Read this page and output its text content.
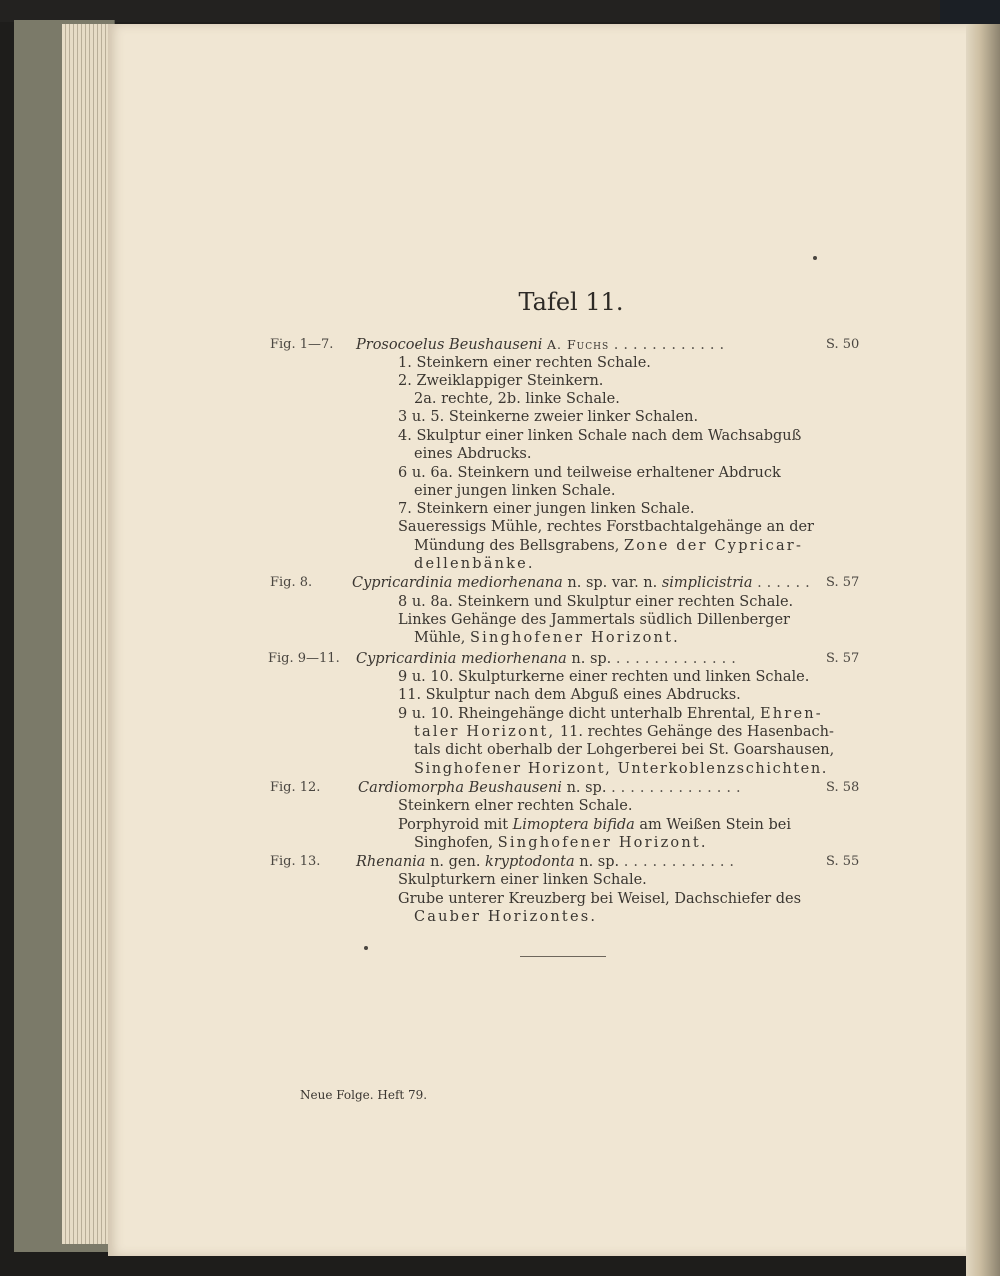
Tafel 11.
Fig. 1—7. Prosocoelus Beushauseni A. Fuchs ............	S. 50
1. Steinkern einer rechten Schale.
2. Zweiklappiger Steinkern.
2a. rechte, 2b. linke Schale.
3 u. 5. Steinkerne zweier linker Schalen.
4. Skulptur einer linken Schale nach dem Wachsabguß
eines Abdrucks.
6 u. 6a. Steinkern und teilweise erhaltener Abdruck
einer jungen linken Schale.
7. Steinkern einer jungen linken Schale.
Saueressigs Mühle, rechtes Forstbachtalgehänge an der
Mündung des Bellsgrabens, Zone der Cypricar-
dellenbänke.
Fig. 8.	Cypricardinia mediorhenana n. sp. var. n. simplicistria ...... S. 57
8 u. 8a. Steinkern und Skulptur einer rechten Schale.
Linkes Gehänge des Jammertals südlich Dillenberger
Mühle, Singhofener Horizont.
Fig. 9—11. Cypricardinia mediorhenana n. sp. .............	S. 57
9 u. 10. Skulpturkerne einer rechten und linken Schale.
11. Skulptur nach dem Abguß eines Abdrucks.
9 u. 10. Rheingehänge dicht unterhalb Ehrental, Ehren-
taler Horizont, 11. rechtes Gehänge des Hasenbach-
tals dicht oberhalb der Lohgerberei bei St. Goarshausen,
Singhofener Horizont, Unterkoblenzschichten.
Fig. 12.	Cardiomorpha Beushauseni n. sp. ..............	S. 58
Steinkern elner rechten Schale.
Porphyroid mit Limoptera bifida am Weißen Stein bei
Singhofen, Singhofener Horizont.
Fig. 13. Rhenania n. gen. kryptodonta n. sp. ............	S. 55
Skulpturkern einer linken Schale.
Grube unterer Kreuzberg bei Weisel, Dachschiefer des
Cauber Horizontes.
Neue Folge. Heft 79.
